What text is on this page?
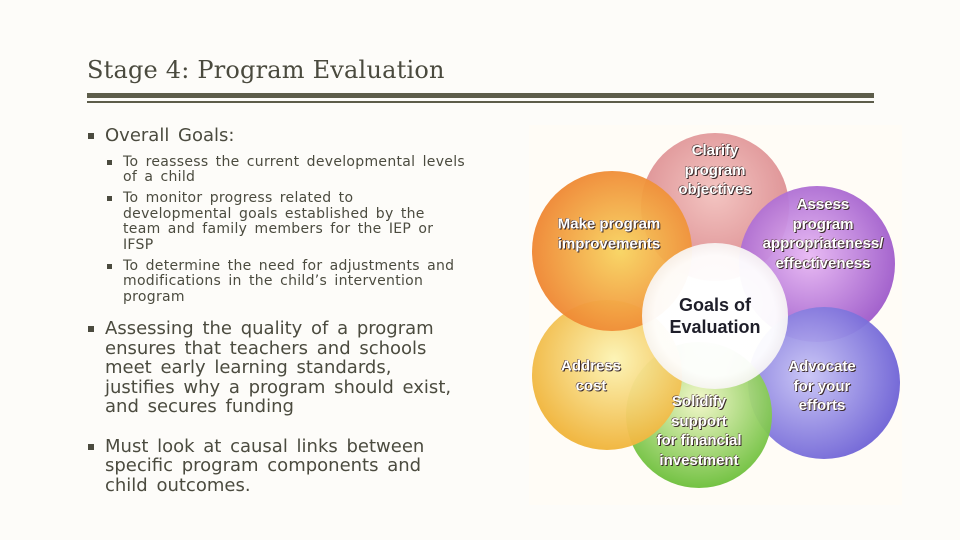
Stage 4: Program Evaluation
Overall Goals:
To reassess the current developmental levels of a child
To monitor progress related to developmental goals established by the team and family members for the IEP or IFSP
To determine the need for adjustments and modifications in the child’s intervention program
Assessing the quality of a program ensures that teachers and schools meet early learning standards, justifies why a program should exist, and secures funding
Must look at causal links between specific program components and child outcomes.
Clarify
program
objectives
Assess
program
appropriateness/
effectiveness
Advocate
for your
efforts
Solidify
support
for financial
investment
Address
cost
Make program
improvements
Goals of
Evaluation
